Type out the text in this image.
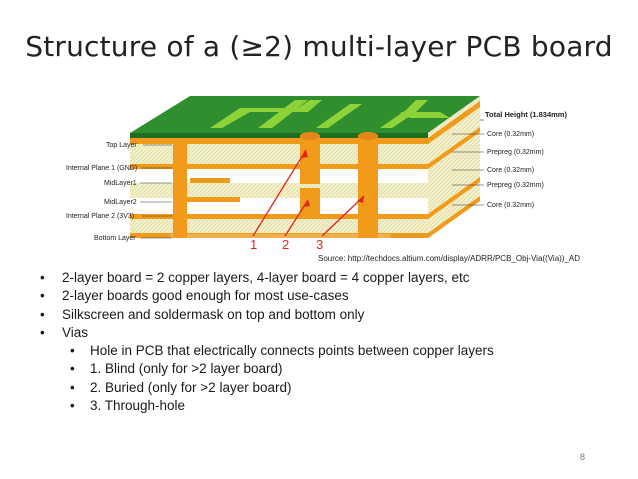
Structure of a (≥2) multi-layer PCB board
1 2 3
Top Layer
Internal Plane 1 (GND)
MidLayer1
MidLayer2
Internal Plane 2 (3V3)
Bottom Layer
Total Height (1.834mm)
Core (0.32mm)
Prepreg (0.32mm)
Core (0.32mm)
Prepreg (0.32mm)
Core (0.32mm)
Source: http://techdocs.altium.com/display/ADRR/PCB_Obj-Via((Via))_AD
• 2-layer board = 2 copper layers, 4-layer board = 4 copper layers, etc
• 2-layer boards good enough for most use-cases
• Silkscreen and soldermask on top and bottom only
• Vias
• Hole in PCB that electrically connects points between copper layers
• 1. Blind (only for >2 layer board)
• 2. Buried (only for >2 layer board)
• 3. Through-hole
8
